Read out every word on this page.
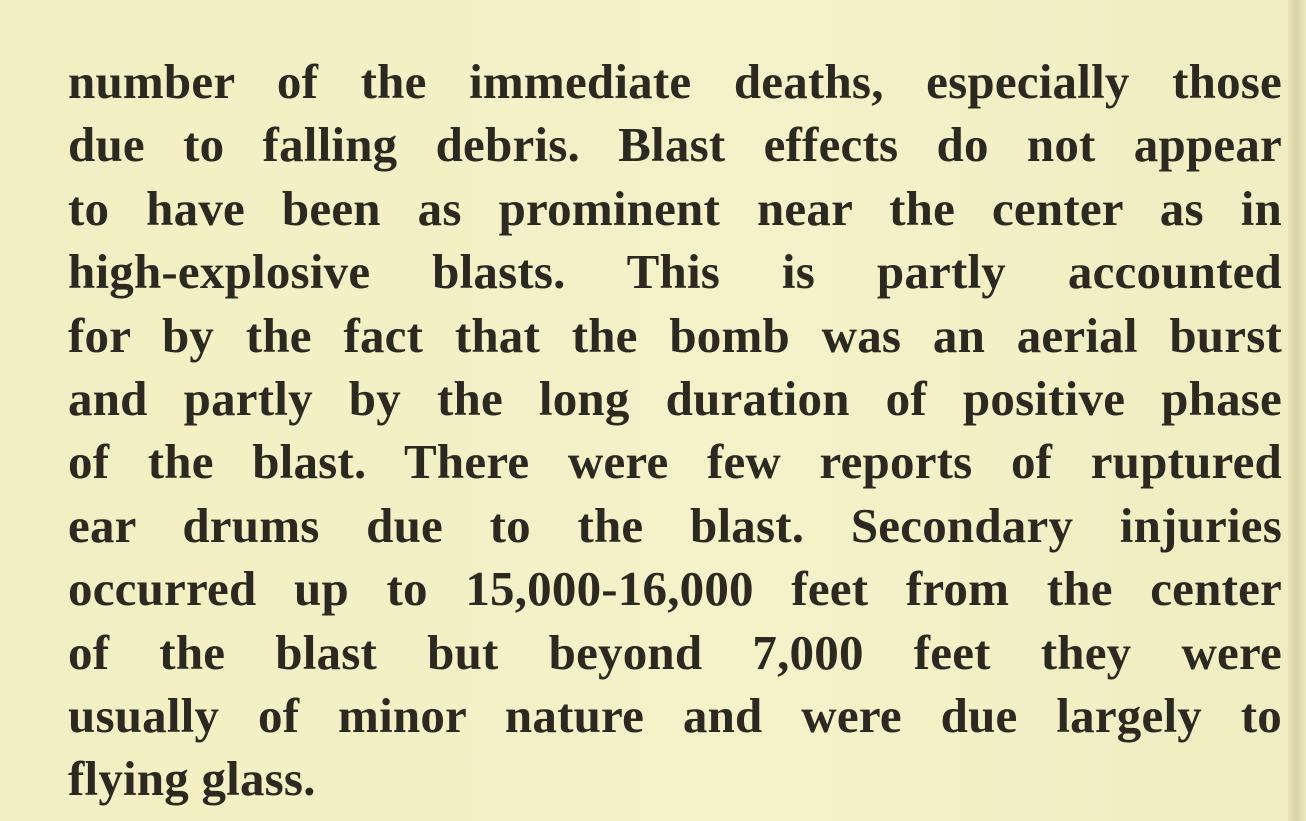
number of the immediate deaths, especially those
due to falling debris. Blast effects do not appear
to have been as prominent near the center as in
high-explosive blasts. This is partly accounted
for by the fact that the bomb was an aerial burst
and partly by the long duration of positive phase
of the blast. There were few reports of ruptured
ear drums due to the blast. Secondary injuries
occurred up to 15,000-16,000 feet from the center
of the blast but beyond 7,000 feet they were
usually of minor nature and were due largely to
flying glass.
